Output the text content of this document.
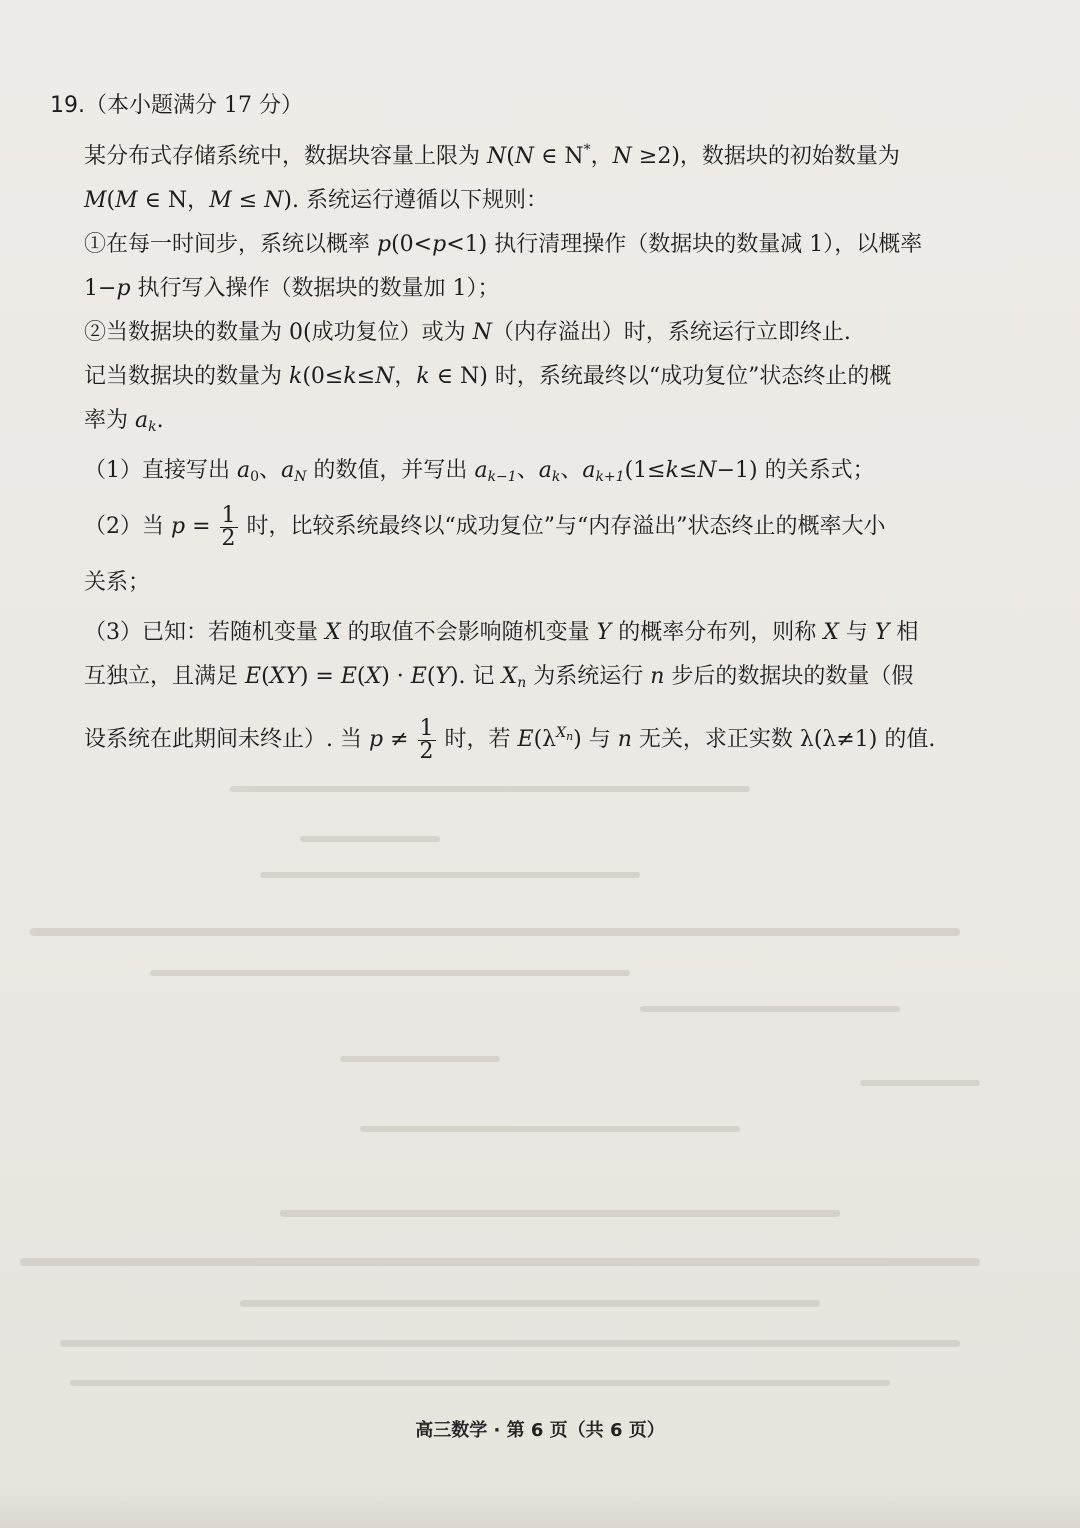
19.（本小题满分 17 分）
某分布式存储系统中，数据块容量上限为 N(N ∈ N*，N ≥2)，数据块的初始数量为
M(M ∈ N，M ≤ N). 系统运行遵循以下规则：
①在每一时间步，系统以概率 p(0<p<1) 执行清理操作（数据块的数量减 1），以概率
1−p 执行写入操作（数据块的数量加 1）；
②当数据块的数量为 0(成功复位）或为 N（内存溢出）时，系统运行立即终止.
记当数据块的数量为 k(0≤k≤N，k ∈ N) 时，系统最终以“成功复位”状态终止的概
率为 $a_k$.
（1）直接写出 $a_0$、$a_N$ 的数值，并写出 $a_{k-1}$、$a_k$、$a_{k+1}(1\le k\le N-1)$ 的关系式；
（2）当 $p = \frac{1}{2}$ 时，比较系统最终以“成功复位”与“内存溢出”状态终止的概率大小
关系；
（3）已知：若随机变量 X 的取值不会影响随机变量 Y 的概率分布列，则称 X 与 Y 相
互独立，且满足 E(XY) = E(X) · E(Y). 记 $X_n$ 为系统运行 n 步后的数据块的数量（假
设系统在此期间未终止）. 当 $p \ne \frac{1}{2}$ 时，若 $E(\lambda^{Xn})$ 与 n 无关，求正实数 λ(λ≠1) 的值.
高三数学 · 第 6 页（共 6 页）
